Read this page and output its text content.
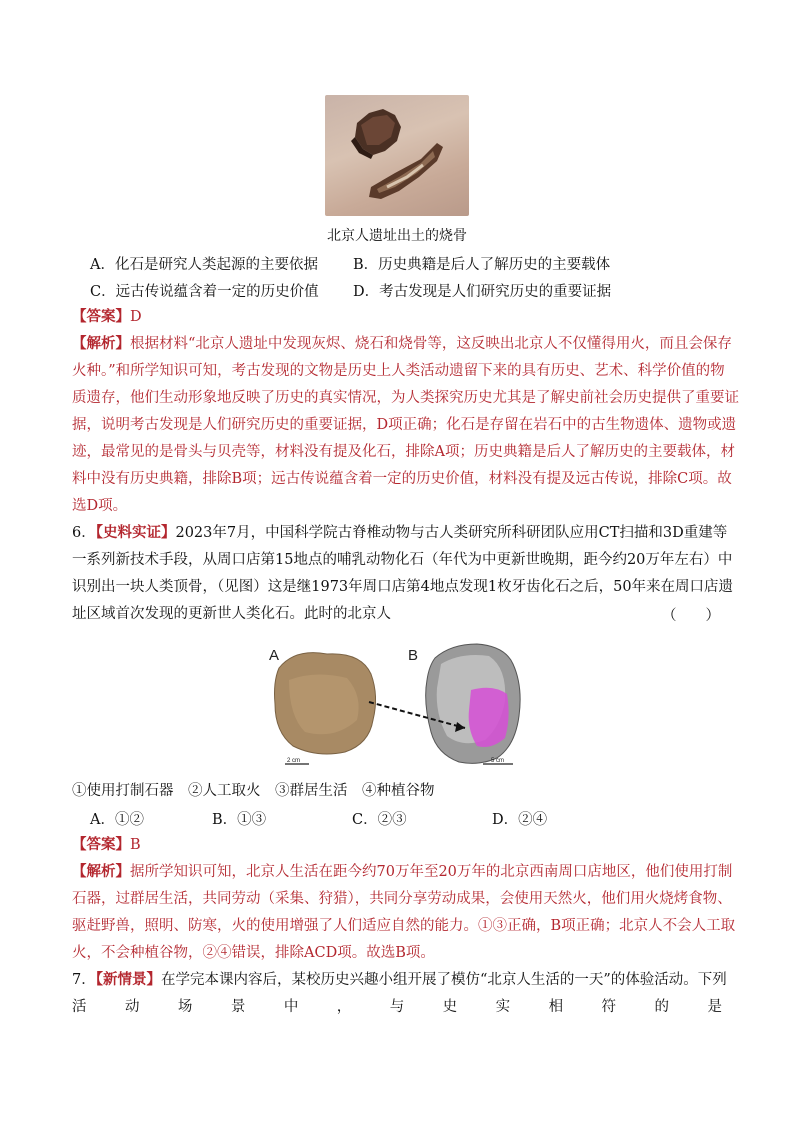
北京人遗址出土的烧骨
A．化石是研究人类起源的主要依据 B．历史典籍是后人了解历史的主要载体
C．远古传说蕴含着一定的历史价值 D．考古发现是人们研究历史的重要证据
【答案】D
【解析】根据材料“北京人遗址中发现灰烬、烧石和烧骨等，这反映出北京人不仅懂得用火，而且会保存
火种。”和所学知识可知，考古发现的文物是历史上人类活动遗留下来的具有历史、艺术、科学价值的物
质遗存，他们生动形象地反映了历史的真实情况，为人类探究历史尤其是了解史前社会历史提供了重要证
据，说明考古发现是人们研究历史的重要证据，D项正确；化石是存留在岩石中的古生物遗体、遗物或遗
迹，最常见的是骨头与贝壳等，材料没有提及化石，排除A项；历史典籍是后人了解历史的主要载体，材
料中没有历史典籍，排除B项；远古传说蕴含着一定的历史价值，材料没有提及远古传说，排除C项。故
选D项。
6．【史料实证】2023年7月，中国科学院古脊椎动物与古人类研究所科研团队应用CT扫描和3D重建等
一系列新技术手段，从周口店第15地点的哺乳动物化石（年代为中更新世晚期，距今约20万年左右）中
识别出一块人类顶骨，（见图）这是继1973年周口店第4地点发现1枚牙齿化石之后，50年来在周口店遗
址区域首次发现的更新世人类化石。此时的北京人	（　　）
A	B
2 cm	5 cm
①使用打制石器　②人工取火　③群居生活　④种植谷物
A．①②	B．①③	C．②③	D．②④
【答案】B
【解析】据所学知识可知，北京人生活在距今约70万年至20万年的北京西南周口店地区，他们使用打制
石器，过群居生活，共同劳动（采集、狩猎），共同分享劳动成果，会使用天然火，他们用火烧烤食物、
驱赶野兽，照明、防寒，火的使用增强了人们适应自然的能力。①③正确，B项正确；北京人不会人工取
火，不会种植谷物，②④错误，排除ACD项。故选B项。
7．【新情景】在学完本课内容后，某校历史兴趣小组开展了模仿“北京人生活的一天”的体验活动。下列
活	动	场	景	中	，	与	史	实	相	符	的	是
